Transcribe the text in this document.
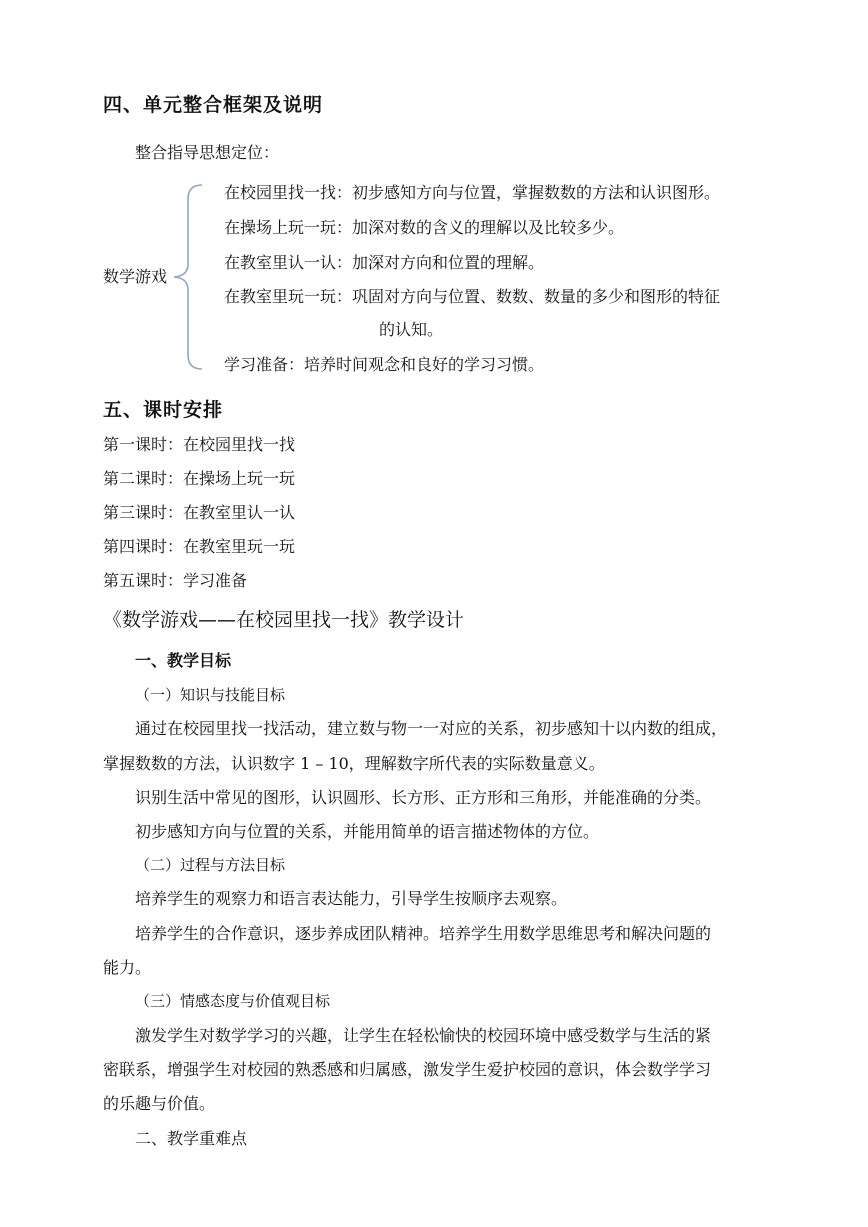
四、单元整合框架及说明
整合指导思想定位：
数学游戏
在校园里找一找：初步感知方向与位置，掌握数数的方法和认识图形。
在操场上玩一玩：加深对数的含义的理解以及比较多少。
在教室里认一认：加深对方向和位置的理解。
在教室里玩一玩：巩固对方向与位置、数数、数量的多少和图形的特征
的认知。
学习准备：培养时间观念和良好的学习习惯。
五、课时安排
第一课时：在校园里找一找
第二课时：在操场上玩一玩
第三课时：在教室里认一认
第四课时：在教室里玩一玩
第五课时：学习准备
《数学游戏——在校园里找一找》教学设计
一、教学目标
（一）知识与技能目标
通过在校园里找一找活动，建立数与物一一对应的关系，初步感知十以内数的组成，
掌握数数的方法，认识数字 1 – 10，理解数字所代表的实际数量意义。
识别生活中常见的图形，认识圆形、长方形、正方形和三角形，并能准确的分类。
初步感知方向与位置的关系，并能用简单的语言描述物体的方位。
（二）过程与方法目标
培养学生的观察力和语言表达能力，引导学生按顺序去观察。
培养学生的合作意识，逐步养成团队精神。培养学生用数学思维思考和解决问题的
能力。
（三）情感态度与价值观目标
激发学生对数学学习的兴趣，让学生在轻松愉快的校园环境中感受数学与生活的紧
密联系，增强学生对校园的熟悉感和归属感，激发学生爱护校园的意识，体会数学学习
的乐趣与价值。
二、教学重难点
